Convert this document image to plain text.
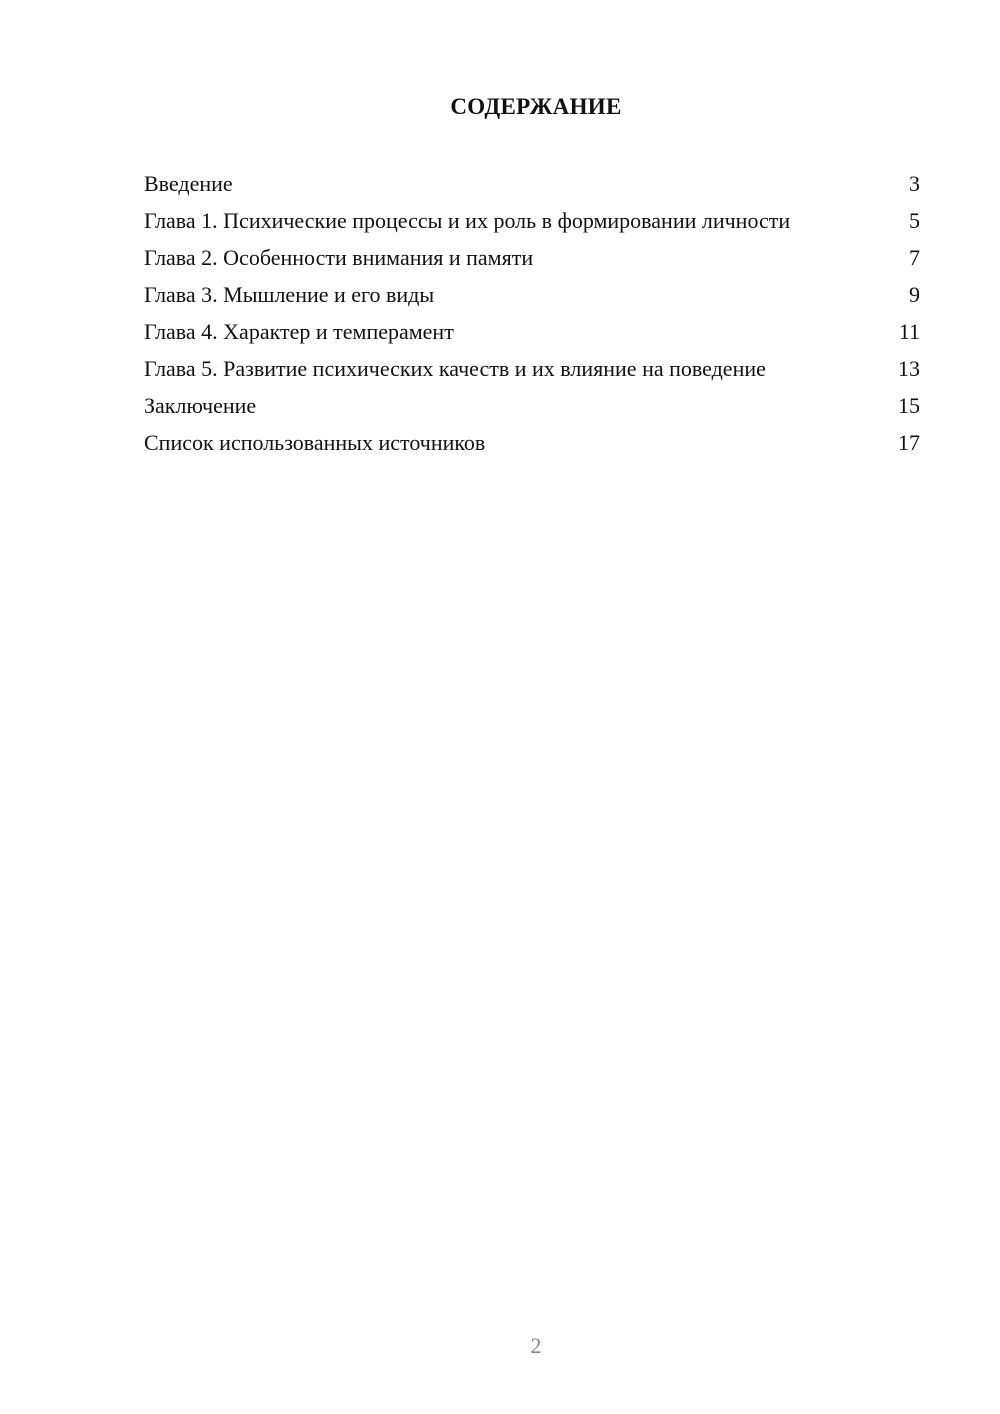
СОДЕРЖАНИЕ
Введение	3
Глава 1. Психические процессы и их роль в формировании личности	5
Глава 2. Особенности внимания и памяти	7
Глава 3. Мышление и его виды	9
Глава 4. Характер и темперамент	11
Глава 5. Развитие психических качеств и их влияние на поведение	13
Заключение	15
Список использованных источников	17
2
